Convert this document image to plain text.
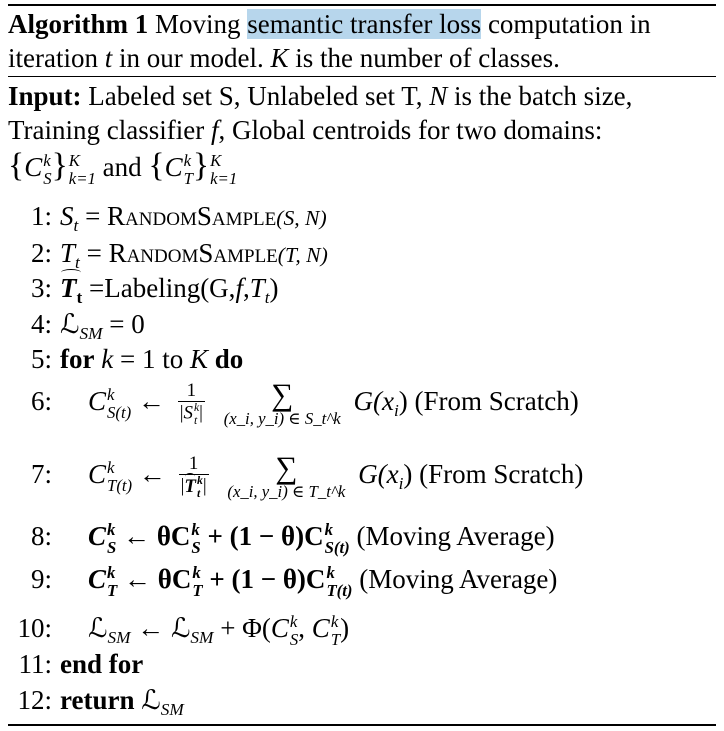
Algorithm 1 Moving semantic transfer loss computation in
iteration t in our model. K is the number of classes.
Input: Labeled set S, Unlabeled set T, N is the batch size,
Training classifier f, Global centroids for two domains:
{C k
S } K
k=1 and {C k
T } K
k=1
1: St = RandomSample(S, N)
2: Tt = RandomSample(T, N)
3: Tt =Labeling(G,f,Tt)
4: ℒSM = 0
5: for k = 1 to K do
6: C k
S(t) ← 1
|S k
t |
∑
(x_i, y_i) ∈ S_t^k
G(xi) (From Scratch)
7: C k
T(t) ← 1
|T k
t |
∑
(x_i, y_i) ∈ T_t^k
G(xi) (From Scratch)
8: C k
S ← θC k
S + (1 − θ)C k
S(t) (Moving Average)
9: C k
T ← θC k
T + (1 − θ)C k
T(t) (Moving Average)
10: ℒSM ← ℒSM + Φ(C k
S , C k
T )
11: end for
12: return ℒSM
